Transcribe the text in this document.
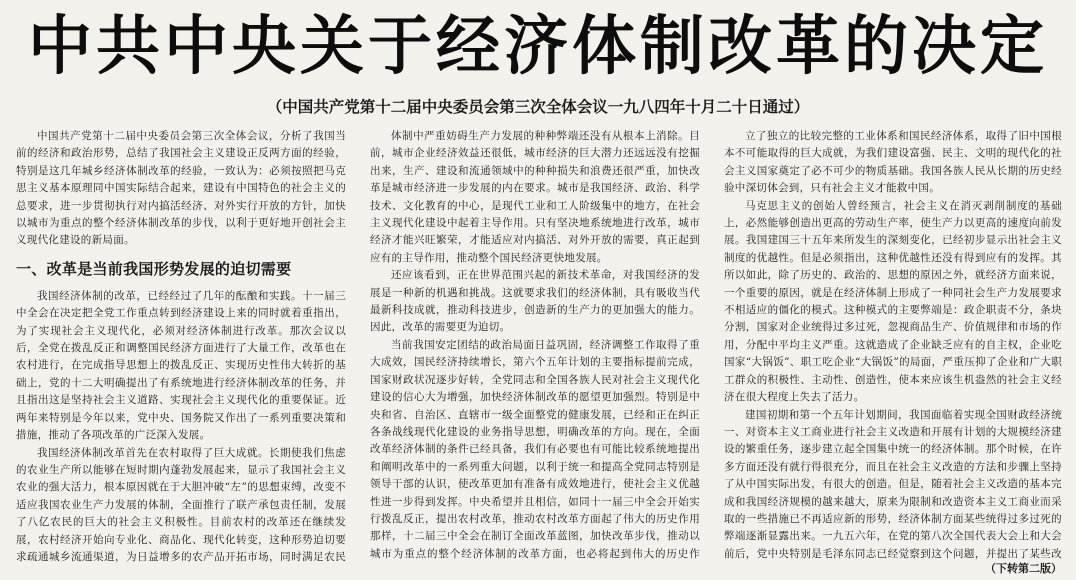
中共中央关于经济体制改革的决定
（中国共产党第十二届中央委员会第三次全体会议一九八四年十月二十日通过）

中国共产党第十二届中央委员会第三次全体会议，分析了我国当前的经济和政治形势，总结了我国社会主义建设正反两方面的经验，特别是这几年城乡经济体制改革的经验，一致认为：必须按照把马克思主义基本原理同中国实际结合起来，建设有中国特色的社会主义的总要求，进一步贯彻执行对内搞活经济、对外实行开放的方针，加快以城市为重点的整个经济体制改革的步伐，以利于更好地开创社会主义现代化建设的新局面。

一、改革是当前我国形势发展的迫切需要

我国经济体制的改革，已经经过了几年的酝酿和实践。十一届三中全会在决定把全党工作重点转到经济建设上来的同时就着重指出，为了实现社会主义现代化，必须对经济体制进行改革。那次会议以后，全党在拨乱反正和调整国民经济方面进行了大量工作，改革也在农村进行，在完成指导思想上的拨乱反正、实现历史性伟大转折的基础上，党的十二大明确提出了有系统地进行经济体制改革的任务，并且指出这是坚持社会主义道路、实现社会主义现代化的重要保证。近两年来特别是今年以来，党中央、国务院又作出了一系列重要决策和措施，推动了各项改革的广泛深入发展。

我国经济体制改革首先在农村取得了巨大成就。长期使我们焦虑的农业生产所以能够在短时期内蓬勃发展起来，显示了我国社会主义农业的强大活力，根本原因就在于大胆冲破“左”的思想束缚，改变不适应我国农业生产力发展的体制，全面推行了联产承包责任制，发展了八亿农民的巨大的社会主义积极性。目前农村的改革还在继续发展，农村经济开始向专业化、商品化、现代化转变，这种形势迫切要求疏通城乡流通渠道，为日益增多的农产品开拓市场，同时满足农民

体制中严重妨碍生产力发展的种种弊端还没有从根本上消除。目前，城市企业经济效益还很低，城市经济的巨大潜力还远远没有挖掘出来，生产、建设和流通领域中的种种损失和浪费还很严重，加快改革是城市经济进一步发展的内在要求。城市是我国经济、政治、科学技术、文化教育的中心，是现代工业和工人阶级集中的地方，在社会主义现代化建设中起着主导作用。只有坚决地系统地进行改革，城市经济才能兴旺繁荣，才能适应对内搞活、对外开放的需要，真正起到应有的主导作用，推动整个国民经济更快地发展。

还应该看到，正在世界范围兴起的新技术革命，对我国经济的发展是一种新的机遇和挑战。这就要求我们的经济体制，具有吸收当代最新科技成就，推动科技进步，创造新的生产力的更加强大的能力。因此，改革的需要更为迫切。

当前我国安定团结的政治局面日益巩固，经济调整工作取得了重大成效，国民经济持续增长，第六个五年计划的主要指标提前完成，国家财政状况逐步好转，全党同志和全国各族人民对社会主义现代化建设的信心大为增强，加快经济体制改革的愿望更加强烈。特别是中央和省、自治区、直辖市一级全面整党的健康发展，已经和正在纠正各条战线现代化建设的业务指导思想，明确改革的方向。现在，全面改革经济体制的条件已经具备，我们有必要也有可能比较系统地提出和阐明改革中的一系列重大问题，以利于统一和提高全党同志特别是领导干部的认识，使改革更加有准备有成效地进行，使社会主义优越性进一步得到发挥。中央希望并且相信，如同十一届三中全会开始实行拨乱反正，提出农村改革，推动农村改革方面起了伟大的历史作用那样，十二届三中全会在制订全面改革蓝图，加快改革步伐，推动以城市为重点的整个经济体制的改革方面，也必将起到伟大的历史作

立了独立的比较完整的工业体系和国民经济体系，取得了旧中国根本不可能取得的巨大成就，为我们建设富强、民主、文明的现代化的社会主义国家奠定了必不可少的物质基础。我国各族人民从长期的历史经验中深切体会到，只有社会主义才能救中国。

马克思主义的创始人曾经预言，社会主义在消灭剥削制度的基础上，必然能够创造出更高的劳动生产率，使生产力以更高的速度向前发展。我国建国三十五年来所发生的深刻变化，已经初步显示出社会主义制度的优越性。但是必须指出，这种优越性还没有得到应有的发挥。其所以如此，除了历史的、政治的、思想的原因之外，就经济方面来说，一个重要的原因，就是在经济体制上形成了一种同社会生产力发展要求不相适应的僵化的模式。这种模式的主要弊端是：政企职责不分，条块分割，国家对企业统得过多过死，忽视商品生产、价值规律和市场的作用，分配中平均主义严重。这就造成了企业缺乏应有的自主权，企业吃国家“大锅饭”、职工吃企业“大锅饭”的局面，严重压抑了企业和广大职工群众的积极性、主动性、创造性，使本来应该生机盎然的社会主义经济在很大程度上失去了活力。

建国初期和第一个五年计划期间，我国面临着实现全国财政经济统一、对资本主义工商业进行社会主义改造和开展有计划的大规模经济建设的繁重任务，逐步建立起全国集中统一的经济体制。那个时候，在许多方面还没有就行得很充分，而且在社会主义改造的方法和步骤上坚持了从中国实际出发，有很大的创造。但是，随着社会主义改造的基本完成和我国经济规模的越来越大，原来为限制和改造资本主义工商业而采取的一些措施已不再适应新的形势，经济体制方面某些统得过多过死的弊端逐渐显露出来。一九五六年，在党的第八次全国代表大会上和大会前后，党中央特别是毛泽东同志已经觉察到这个问题，并提出了某些改

（下转第二版）
